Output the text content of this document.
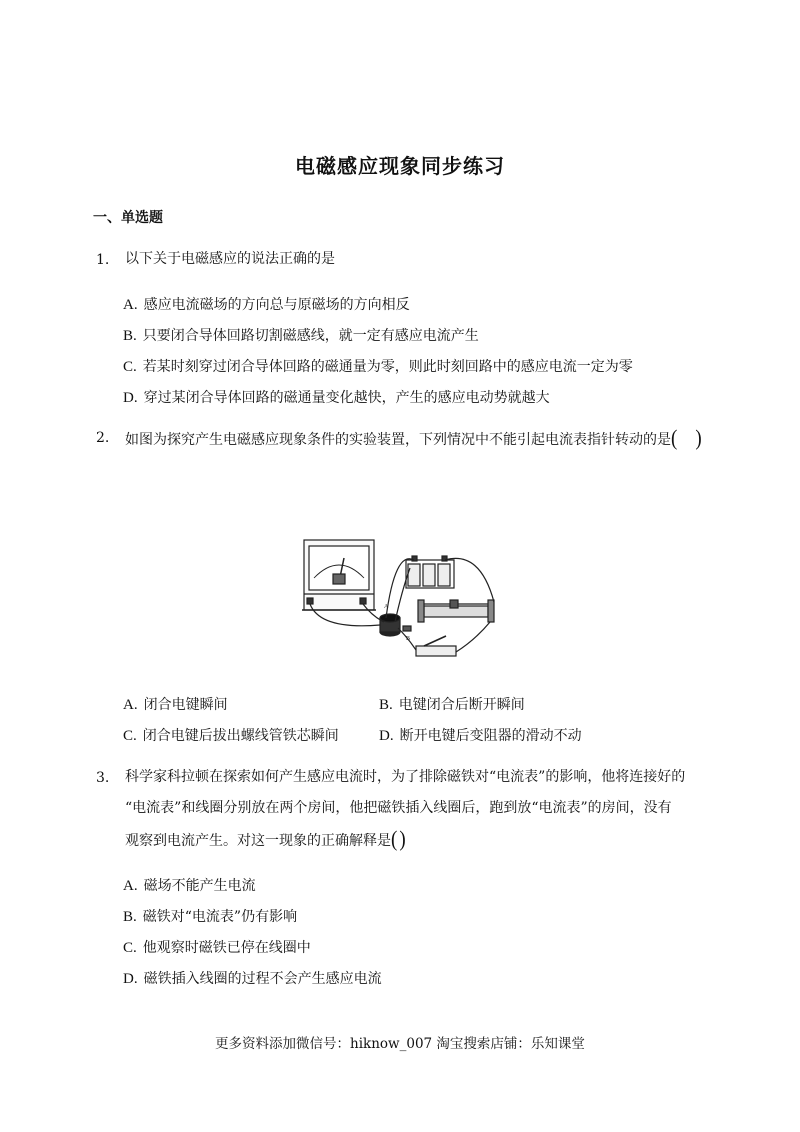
电磁感应现象同步练习
一、单选题
1. 以下关于电磁感应的说法正确的是
A. 感应电流磁场的方向总与原磁场的方向相反
B. 只要闭合导体回路切割磁感线，就一定有感应电流产生
C. 若某时刻穿过闭合导体回路的磁通量为零，则此时刻回路中的感应电流一定为零
D. 穿过某闭合导体回路的磁通量变化越快，产生的感应电动势就越大
2. 如图为探究产生电磁感应现象条件的实验装置，下列情况中不能引起电流表指针转动的是( )
A
B
A. 闭合电键瞬间	B. 电键闭合后断开瞬间
C. 闭合电键后拔出螺线管铁芯瞬间	D. 断开电键后变阻器的滑动不动
3. 科学家科拉顿在探索如何产生感应电流时，为了排除磁铁对“电流表”的影响，他将连接好的
“电流表”和线圈分别放在两个房间，他把磁铁插入线圈后，跑到放“电流表”的房间，没有
观察到电流产生。对这一现象的正确解释是( )
A. 磁场不能产生电流
B. 磁铁对“电流表”仍有影响
C. 他观察时磁铁已停在线圈中
D. 磁铁插入线圈的过程不会产生感应电流
更多资料添加微信号：hiknow_007 淘宝搜索店铺：乐知课堂
